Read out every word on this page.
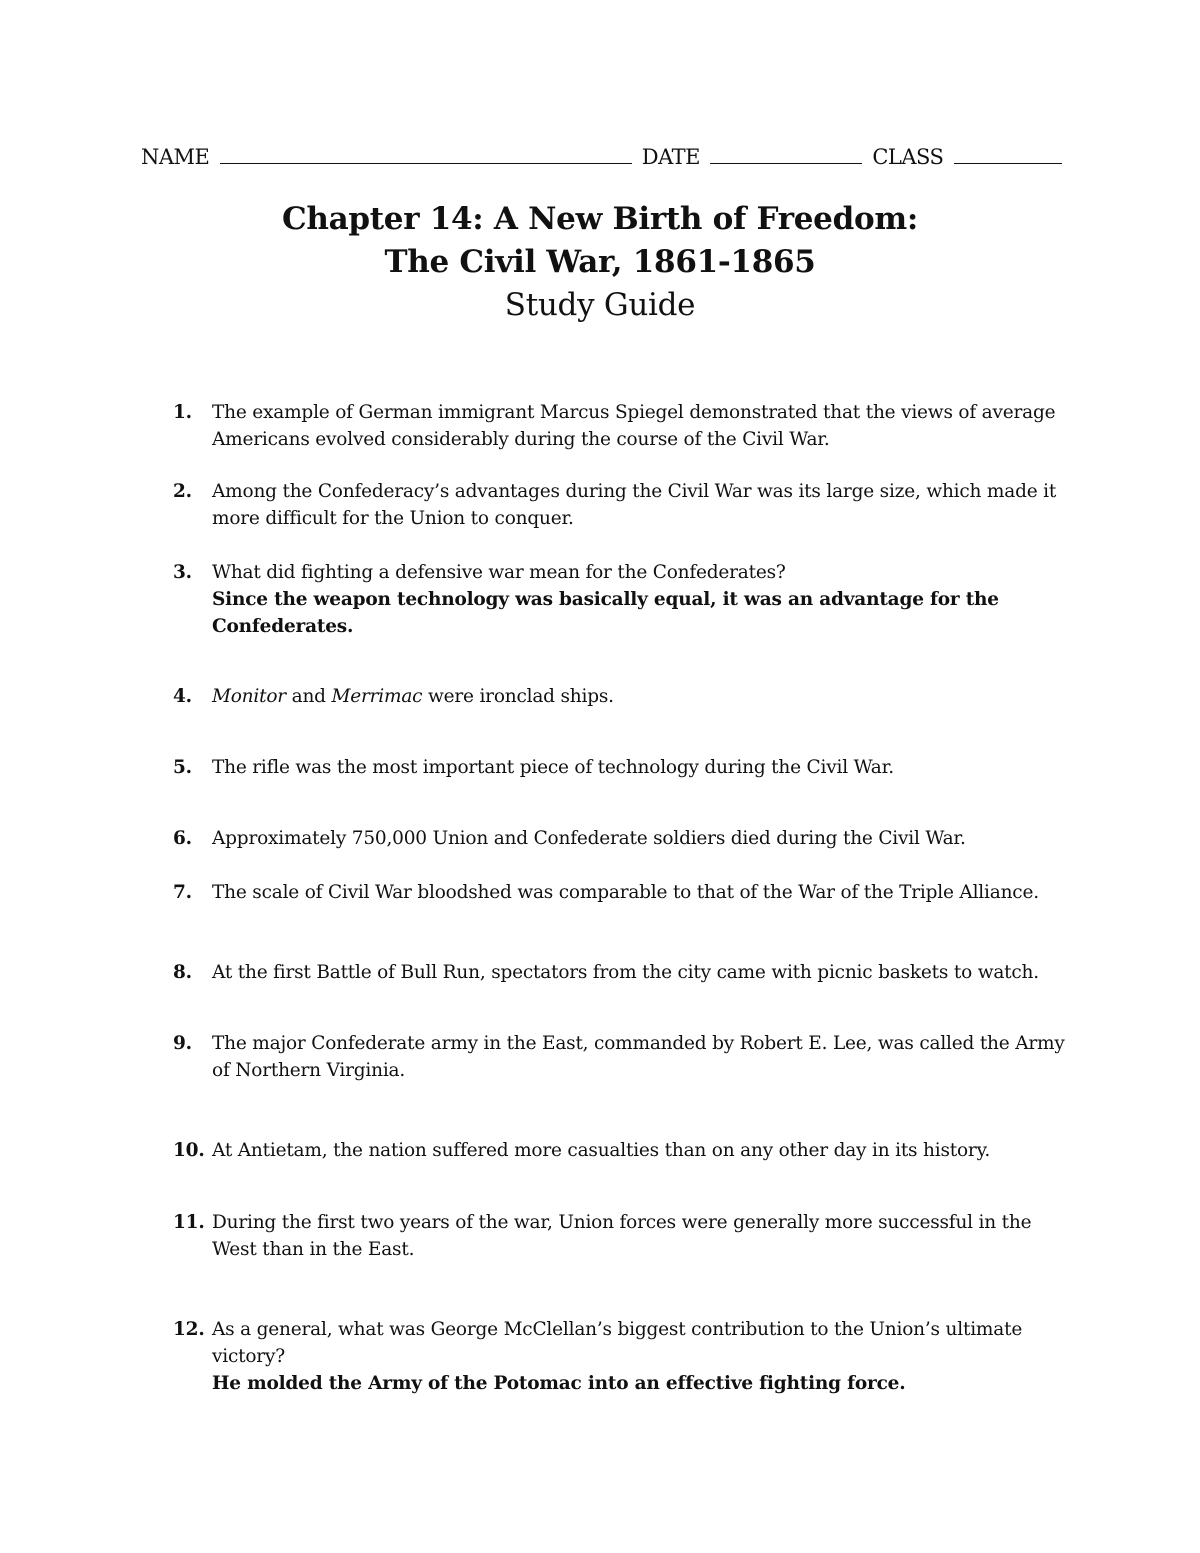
NAME	DATE	CLASS
Chapter 14: A New Birth of Freedom:
The Civil War, 1861-1865
Study Guide
1.	The example of German immigrant Marcus Spiegel demonstrated that the views of average Americans evolved considerably during the course of the Civil War.
2.	Among the Confederacy’s advantages during the Civil War was its large size, which made it more difficult for the Union to conquer.
3.	What did fighting a defensive war mean for the Confederates?
Since the weapon technology was basically equal, it was an advantage for the Confederates.
4.	Monitor and Merrimac were ironclad ships.
5.	The rifle was the most important piece of technology during the Civil War.
6.	Approximately 750,000 Union and Confederate soldiers died during the Civil War.
7.	The scale of Civil War bloodshed was comparable to that of the War of the Triple Alliance.
8.	At the first Battle of Bull Run, spectators from the city came with picnic baskets to watch.
9.	The major Confederate army in the East, commanded by Robert E. Lee, was called the Army of Northern Virginia.
10. At Antietam, the nation suffered more casualties than on any other day in its history.
11. During the first two years of the war, Union forces were generally more successful in the West than in the East.
12. As a general, what was George McClellan’s biggest contribution to the Union’s ultimate victory?
He molded the Army of the Potomac into an effective fighting force.
